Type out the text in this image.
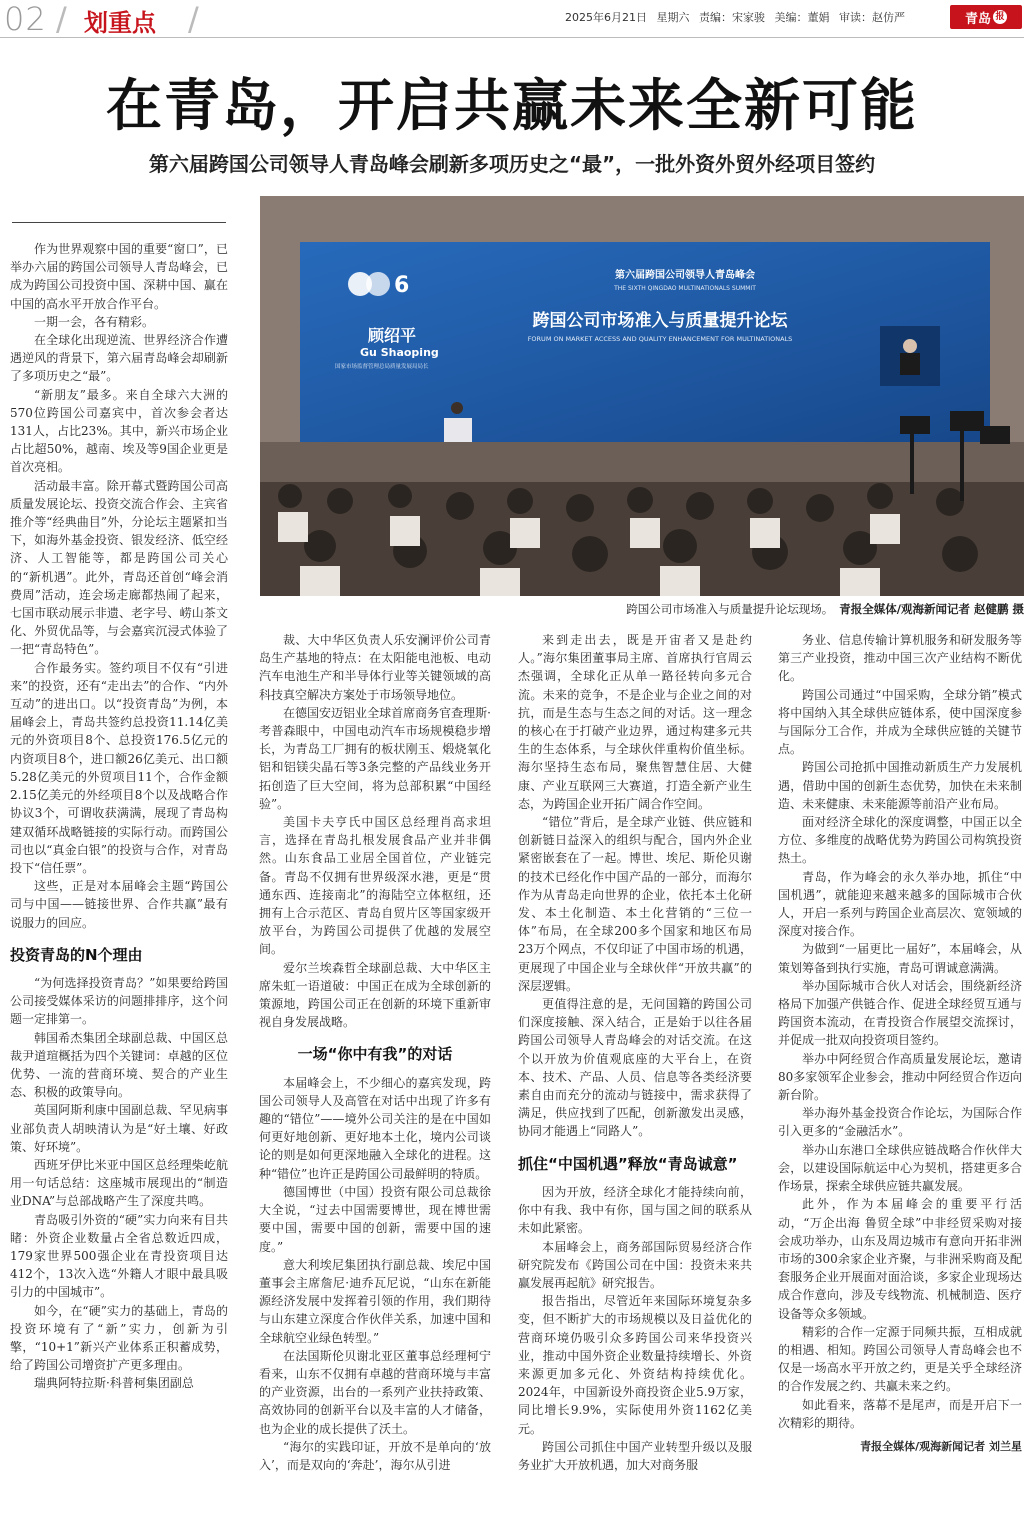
02 / 划重点 /	2025年6月21日 星期六 责编：宋家骏 美编：董娟 审读：赵仿严	青岛 报
在青岛，开启共赢未来全新可能
第六届跨国公司领导人青岛峰会刷新多项历史之“最”，一批外资外贸外经项目签约
6	第六届跨国公司领导人青岛峰会
THE SIXTH QINGDAO MULTINATIONALS SUMMIT
跨国公司市场准入与质量提升论坛
FORUM ON MARKET ACCESS AND QUALITY ENHANCEMENT FOR MULTINATIONALS
顾绍平
Gu Shaoping
国家市场监督管理总局质量发展局局长
跨国公司市场准入与质量提升论坛现场。 青报全媒体/观海新闻记者 赵健鹏 摄

作为世界观察中国的重要“窗口”，已举办六届的跨国公司领导人青岛峰会，已成为跨国公司投资中国、深耕中国、赢在中国的高水平开放合作平台。

一期一会，各有精彩。

在全球化出现逆流、世界经济合作遭遇逆风的背景下，第六届青岛峰会却刷新了多项历史之“最”。

“新朋友”最多。来自全球六大洲的570位跨国公司嘉宾中，首次参会者达131人，占比23%。其中，新兴市场企业占比超50%，越南、埃及等9国企业更是首次亮相。

活动最丰富。除开幕式暨跨国公司高质量发展论坛、投资交流合作会、主宾省推介等“经典曲目”外，分论坛主题紧扣当下，如海外基金投资、银发经济、低空经济、人工智能等，都是跨国公司关心的“新机遇”。此外，青岛还首创“峰会消费周”活动，连会场走廊都热闹了起来，七国市联动展示非遗、老字号、崂山茶文化、外贸优品等，与会嘉宾沉浸式体验了一把“青岛特色”。

合作最务实。签约项目不仅有“引进来”的投资，还有“走出去”的合作、“内外互动”的进出口。以“投资青岛”为例，本届峰会上，青岛共签约总投资11.14亿美元的外资项目8个、总投资176.5亿元的内资项目8个，进口额26亿美元、出口额5.28亿美元的外贸项目11个，合作金额2.15亿美元的外经项目8个以及战略合作协议3个，可谓收获满满，展现了青岛构建双循环战略链接的实际行动。而跨国公司也以“真金白银”的投资与合作，对青岛投下“信任票”。

这些，正是对本届峰会主题“跨国公司与中国——链接世界、合作共赢”最有说服力的回应。

投资青岛的N个理由

“为何选择投资青岛？”如果要给跨国公司接受媒体采访的问题排排序，这个问题一定排第一。

韩国希杰集团全球副总裁、中国区总裁尹道瑄概括为四个关键词：卓越的区位优势、一流的营商环境、契合的产业生态、积极的政策导向。

英国阿斯利康中国副总裁、罕见病事业部负责人胡映清认为是“好土壤、好政策、好环境”。

西班牙伊比米亚中国区总经理柴屹航用一句话总结：这座城市展现出的“制造业DNA”与总部战略产生了深度共鸣。

青岛吸引外资的“硬”实力向来有目共睹：外资企业数量占全省总数近四成，179家世界500强企业在青投资项目达412个，13次入选“外籍人才眼中最具吸引力的中国城市”。

如今，在“硬”实力的基础上，青岛的投资环境有了“新”实力，创新为引擎，“10+1”新兴产业体系正积蓄成势，给了跨国公司增资扩产更多理由。

瑞典阿特拉斯·科普柯集团副总

裁、大中华区负责人乐安澜评价公司青岛生产基地的特点：在太阳能电池板、电动汽车电池生产和半导体行业等关键领域的高科技真空解决方案处于市场领导地位。

在德国安迈铝业全球首席商务官查理斯·考普森眼中，中国电动汽车市场规模稳步增长，为青岛工厂拥有的板状刚玉、煅烧氧化铝和铝镁尖晶石等3条完整的产品线业务开拓创造了巨大空间，将为总部积累“中国经验”。

美国卡夫亨氏中国区总经理肖高求坦言，选择在青岛扎根发展食品产业并非偶然。山东食品工业居全国首位，产业链完备。青岛不仅拥有世界级深水港，更是“贯通东西、连接南北”的海陆空立体枢纽，还拥有上合示范区、青岛自贸片区等国家级开放平台，为跨国公司提供了优越的发展空间。

爱尔兰埃森哲全球副总裁、大中华区主席朱虹一语道破：中国正在成为全球创新的策源地，跨国公司正在创新的环境下重新审视自身发展战略。

一场“你中有我”的对话

本届峰会上，不少细心的嘉宾发现，跨国公司领导人及高管在对话中出现了许多有趣的“错位”——境外公司关注的是在中国如何更好地创新、更好地本土化，境内公司谈论的则是如何更深地融入全球化的进程。这种“错位”也许正是跨国公司最鲜明的特质。

德国博世（中国）投资有限公司总裁徐大全说，“过去中国需要博世，现在博世需要中国，需要中国的创新，需要中国的速度。”

意大利埃尼集团执行副总裁、埃尼中国董事会主席詹尼·迪乔瓦尼说，“山东在新能源经济发展中发挥着引领的作用，我们期待与山东建立深度合作伙伴关系，加速中国和全球航空业绿色转型。”

在法国斯伦贝谢北亚区董事总经理柯宁看来，山东不仅拥有卓越的营商环境与丰富的产业资源，出台的一系列产业扶持政策、高效协同的创新平台以及丰富的人才储备，也为企业的成长提供了沃土。

“海尔的实践印证，开放不是单向的‘放入’，而是双向的‘奔赴’，海尔从引进

来到走出去，既是开宙者又是赴约人。”海尔集团董事局主席、首席执行官周云杰强调，全球化正从单一路径转向多元合流。未来的竞争，不是企业与企业之间的对抗，而是生态与生态之间的对话。这一理念的核心在于打破产业边界，通过构建多元共生的生态体系，与全球伙伴重构价值坐标。海尔坚持生态布局，聚焦智慧住居、大健康、产业互联网三大赛道，打造全新产业生态，为跨国企业开拓广阔合作空间。

“错位”背后，是全球产业链、供应链和创新链日益深入的组织与配合，国内外企业紧密嵌套在了一起。博世、埃尼、斯伦贝谢的技术已经化作中国产品的一部分，而海尔作为从青岛走向世界的企业，依托本土化研发、本土化制造、本土化营销的“三位一体”布局，在全球200多个国家和地区布局23万个网点，不仅印证了中国市场的机遇，更展现了中国企业与全球伙伴“开放共赢”的深层逻辑。

更值得注意的是，无问国籍的跨国公司们深度接触、深入结合，正是始于以往各届跨国公司领导人青岛峰会的对话交流。在这个以开放为价值观底座的大平台上，在资本、技术、产品、人员、信息等各类经济要素自由而充分的流动与链接中，需求获得了满足，供应找到了匹配，创新激发出灵感，协同才能遇上“同路人”。

抓住“中国机遇”释放“青岛诚意”

因为开放，经济全球化才能持续向前，你中有我、我中有你，国与国之间的联系从未如此紧密。

本届峰会上，商务部国际贸易经济合作研究院发布《跨国公司在中国：投资未来共赢发展再起航》研究报告。

报告指出，尽管近年来国际环境复杂多变，但不断扩大的市场规模以及日益优化的营商环境仍吸引众多跨国公司来华投资兴业，推动中国外资企业数量持续增长、外资来源更加多元化、外资结构持续优化。2024年，中国新设外商投资企业5.9万家，同比增长9.9%，实际使用外资1162亿美元。

跨国公司抓住中国产业转型升级以及服务业扩大开放机遇，加大对商务服

务业、信息传输计算机服务和研发服务等第三产业投资，推动中国三次产业结构不断优化。

跨国公司通过“中国采购，全球分销”模式将中国纳入其全球供应链体系，使中国深度参与国际分工合作，并成为全球供应链的关键节点。

跨国公司抢抓中国推动新质生产力发展机遇，借助中国的创新生态优势，加快在未来制造、未来健康、未来能源等前沿产业布局。

面对经济全球化的深度调整，中国正以全方位、多维度的战略优势为跨国公司构筑投资热土。

青岛，作为峰会的永久举办地，抓住“中国机遇”，就能迎来越来越多的国际城市合伙人，开启一系列与跨国企业高层次、宽领域的深度对接合作。

为做到“一届更比一届好”，本届峰会，从策划筹备到执行实施，青岛可谓诚意满满。

举办国际城市合伙人对话会，围绕新经济格局下加强产供链合作、促进全球经贸互通与跨国资本流动，在青投资合作展望交流探讨，并促成一批双向投资项目签约。

举办中阿经贸合作高质量发展论坛，邀请80多家领军企业参会，推动中阿经贸合作迈向新台阶。

举办海外基金投资合作论坛，为国际合作引入更多的“金融活水”。

举办山东港口全球供应链战略合作伙伴大会，以建设国际航运中心为契机，搭建更多合作场景，探索全球供应链共赢发展。

此外，作为本届峰会的重要平行活动，“万企出海 鲁贸全球”中非经贸采购对接会成功举办，山东及周边城市有意向开拓非洲市场的300余家企业齐聚，与非洲采购商及配套服务企业开展面对面洽谈，多家企业现场达成合作意向，涉及专线物流、机械制造、医疗设备等众多领域。

精彩的合作一定源于同频共振，互相成就的相遇、相知。跨国公司领导人青岛峰会也不仅是一场高水平开放之约，更是关乎全球经济的合作发展之约、共赢未来之约。

如此看来，落幕不是尾声，而是开启下一次精彩的期待。

青报全媒体/观海新闻记者 刘兰星
